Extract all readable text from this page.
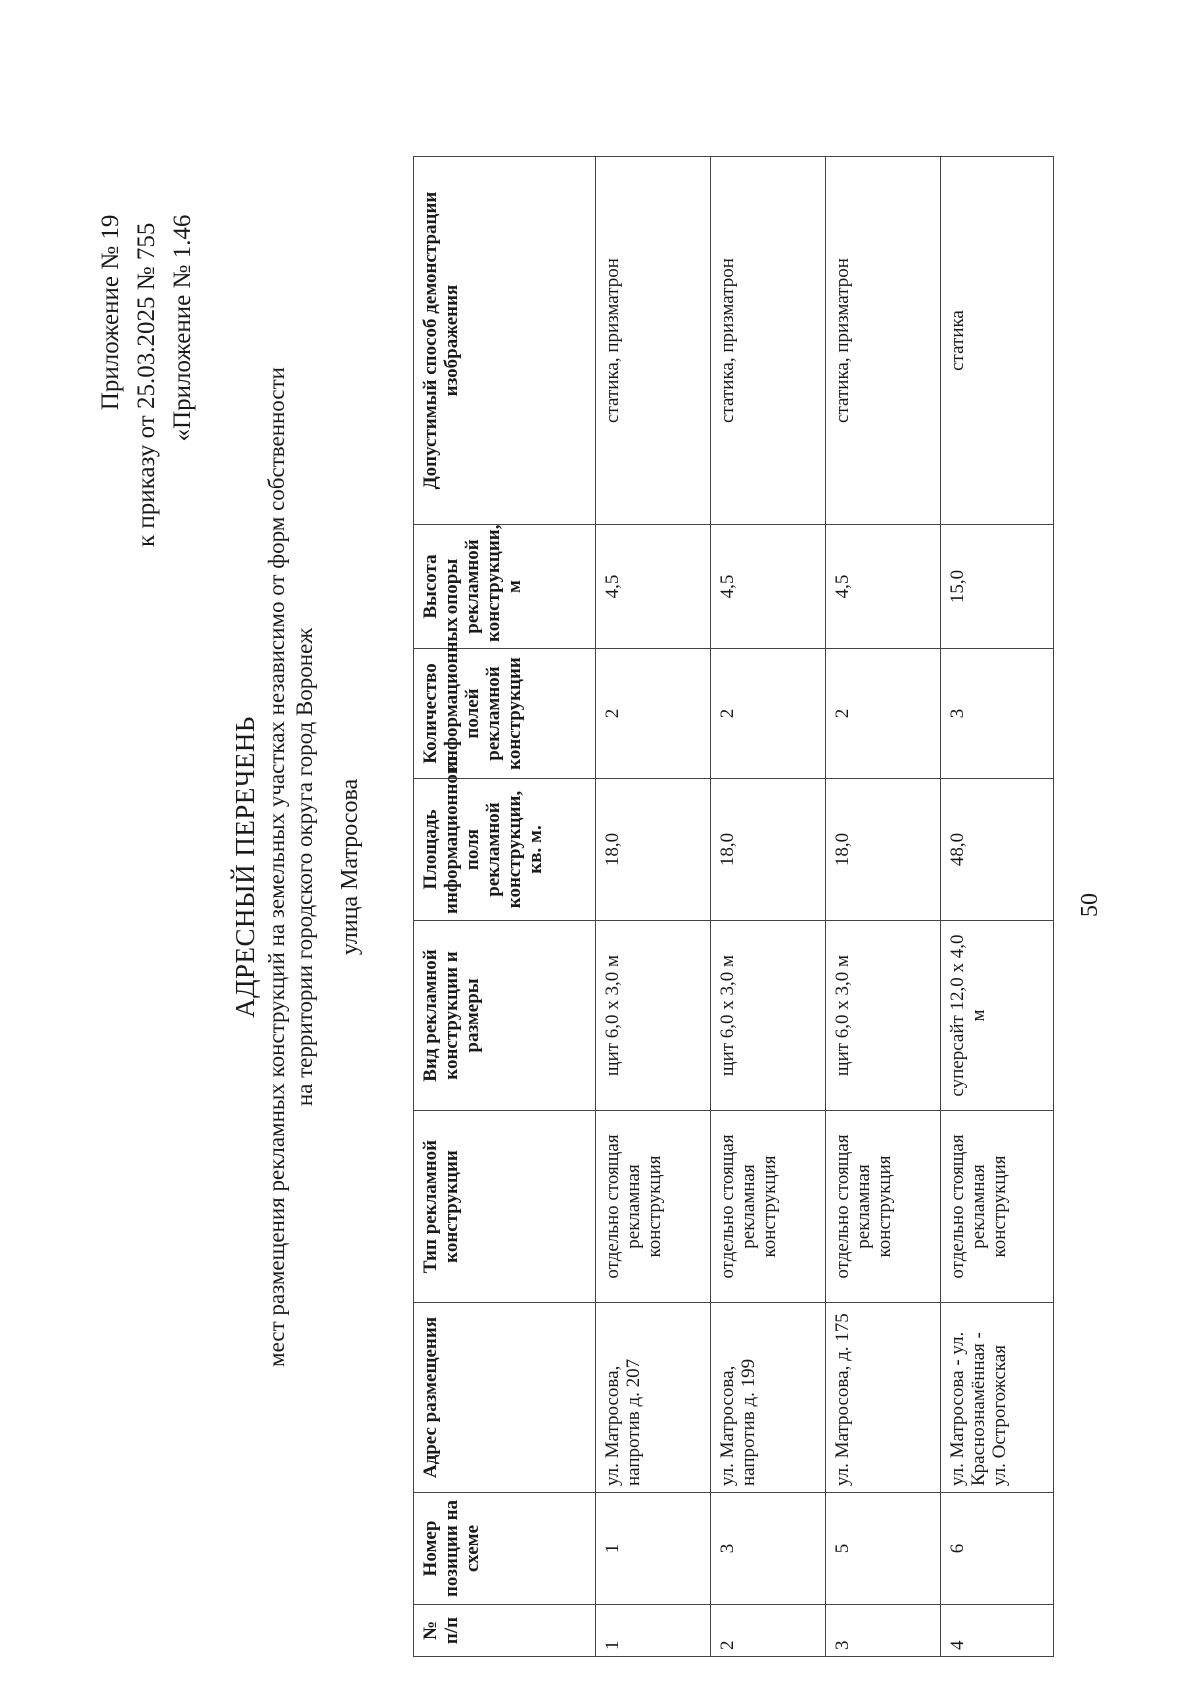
50
Приложение № 19 к приказу от 25.03.2025 № 755 «Приложение № 1.46
АДРЕСНЫЙ ПЕРЕЧЕНЬ мест размещения рекламных конструкций на земельных участках независимо от форм собственности на территории городского округа город Воронеж улица Матросова
№ п/п	Номер позиции на схеме	Адрес размещения	Тип рекламной конструкции	Вид рекламной конструкции и размеры	Площадь информационного поля рекламной конструкции, кв. м.	Количество информационных полей рекламной конструкции	Высота опоры рекламной конструкции, м	Допустимый способ демонстрации изображения
1	1	ул. Матросова, напротив д. 207	отдельно стоящая рекламная конструкция	щит 6,0 х 3,0 м	18,0	2	4,5	статика, призматрон
2	3	ул. Матросова, напротив д. 199	отдельно стоящая рекламная конструкция	щит 6,0 х 3,0 м	18,0	2	4,5	статика, призматрон
3	5	ул. Матросова, д. 175	отдельно стоящая рекламная конструкция	щит 6,0 х 3,0 м	18,0	2	4,5	статика, призматрон
4	6	ул. Матросова - ул. Краснознамённая - ул. Острогожская	отдельно стоящая рекламная конструкция	суперсайт 12,0 х 4,0 м	48,0	3	15,0	статика
